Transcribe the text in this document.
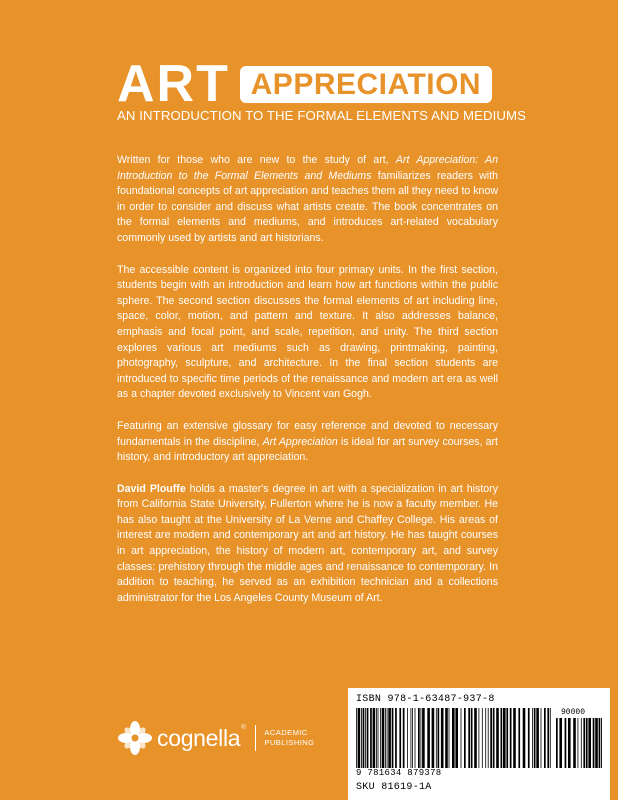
ART APPRECIATION
AN INTRODUCTION TO THE FORMAL ELEMENTS AND MEDIUMS

Written for those who are new to the study of art, Art Appreciation: An Introduction to the Formal Elements and Mediums familiarizes readers with foundational concepts of art appreciation and teaches them all they need to know in order to consider and discuss what artists create. The book concentrates on the formal elements and mediums, and introduces art-related vocabulary commonly used by artists and art historians.

The accessible content is organized into four primary units. In the first section, students begin with an introduction and learn how art functions within the public sphere. The second section discusses the formal elements of art including line, space, color, motion, and pattern and texture. It also addresses balance, emphasis and focal point, and scale, repetition, and unity. The third section explores various art mediums such as drawing, printmaking, painting, photography, sculpture, and architecture. In the final section students are introduced to specific time periods of the renaissance and modern art era as well as a chapter devoted exclusively to Vincent van Gogh.

Featuring an extensive glossary for easy reference and devoted to necessary fundamentals in the discipline, Art Appreciation is ideal for art survey courses, art history, and introductory art appreciation.

David Plouffe holds a master's degree in art with a specialization in art history from California State University, Fullerton where he is now a faculty member. He has also taught at the University of La Verne and Chaffey College. His areas of interest are modern and contemporary art and art history. He has taught courses in art appreciation, the history of modern art, contemporary art, and survey classes: prehistory through the middle ages and renaissance to contemporary. In addition to teaching, he served as an exhibition technician and a collections administrator for the Los Angeles County Museum of Art.

cognella®
ACADEMIC
PUBLISHING
ISBN 978-1-63487-937-8
90000
9 781634 879378
SKU 81619-1A
